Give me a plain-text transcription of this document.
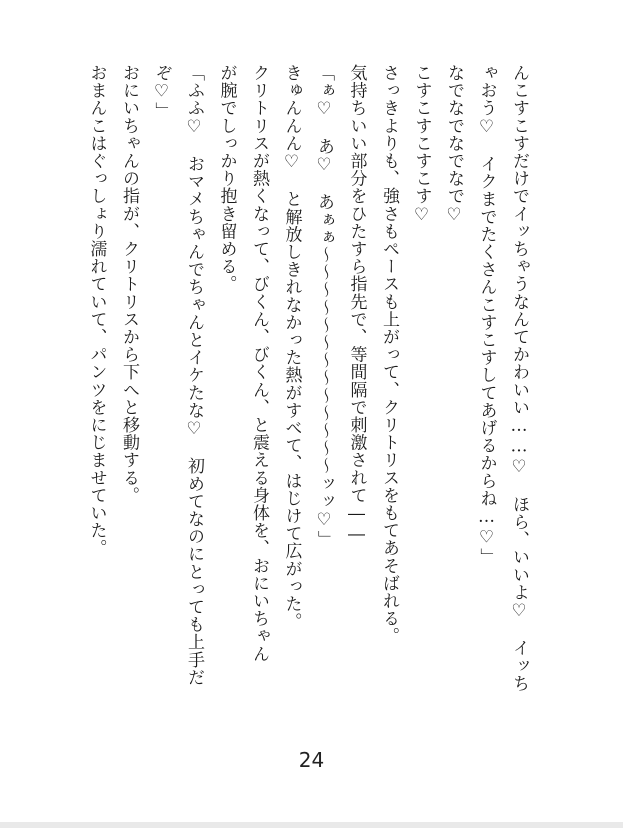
んこすこすだけでイッちゃうなんてかわいい……♡　ほら、いいよ♡　イッち
ゃおう♡　イクまでたくさんこすこすしてあげるからね…♡」
なでなでなでなで♡
こすこすこすこす♡
さっきよりも、強さもペースも上がって、クリトリスをもてあそばれる。
気持ちいい部分をひたすら指先で、等間隔で刺激されて――
「ぁ♡　あ♡　あぁぁ〜〜〜〜〜〜〜〜〜〜〜〜〜ッッ♡」
きゅんんん♡　と解放しきれなかった熱がすべて、はじけて広がった。
クリトリスが熱くなって、びくん、びくん、と震える身体を、おにいちゃん
が腕でしっかり抱き留める。
「ふふ♡　おマメちゃんでちゃんとイケたな♡　初めてなのにとっても上手だ
ぞ♡」
おにいちゃんの指が、クリトリスから下へと移動する。
おまんこはぐっしょり濡れていて、パンツをにじませていた。
24
